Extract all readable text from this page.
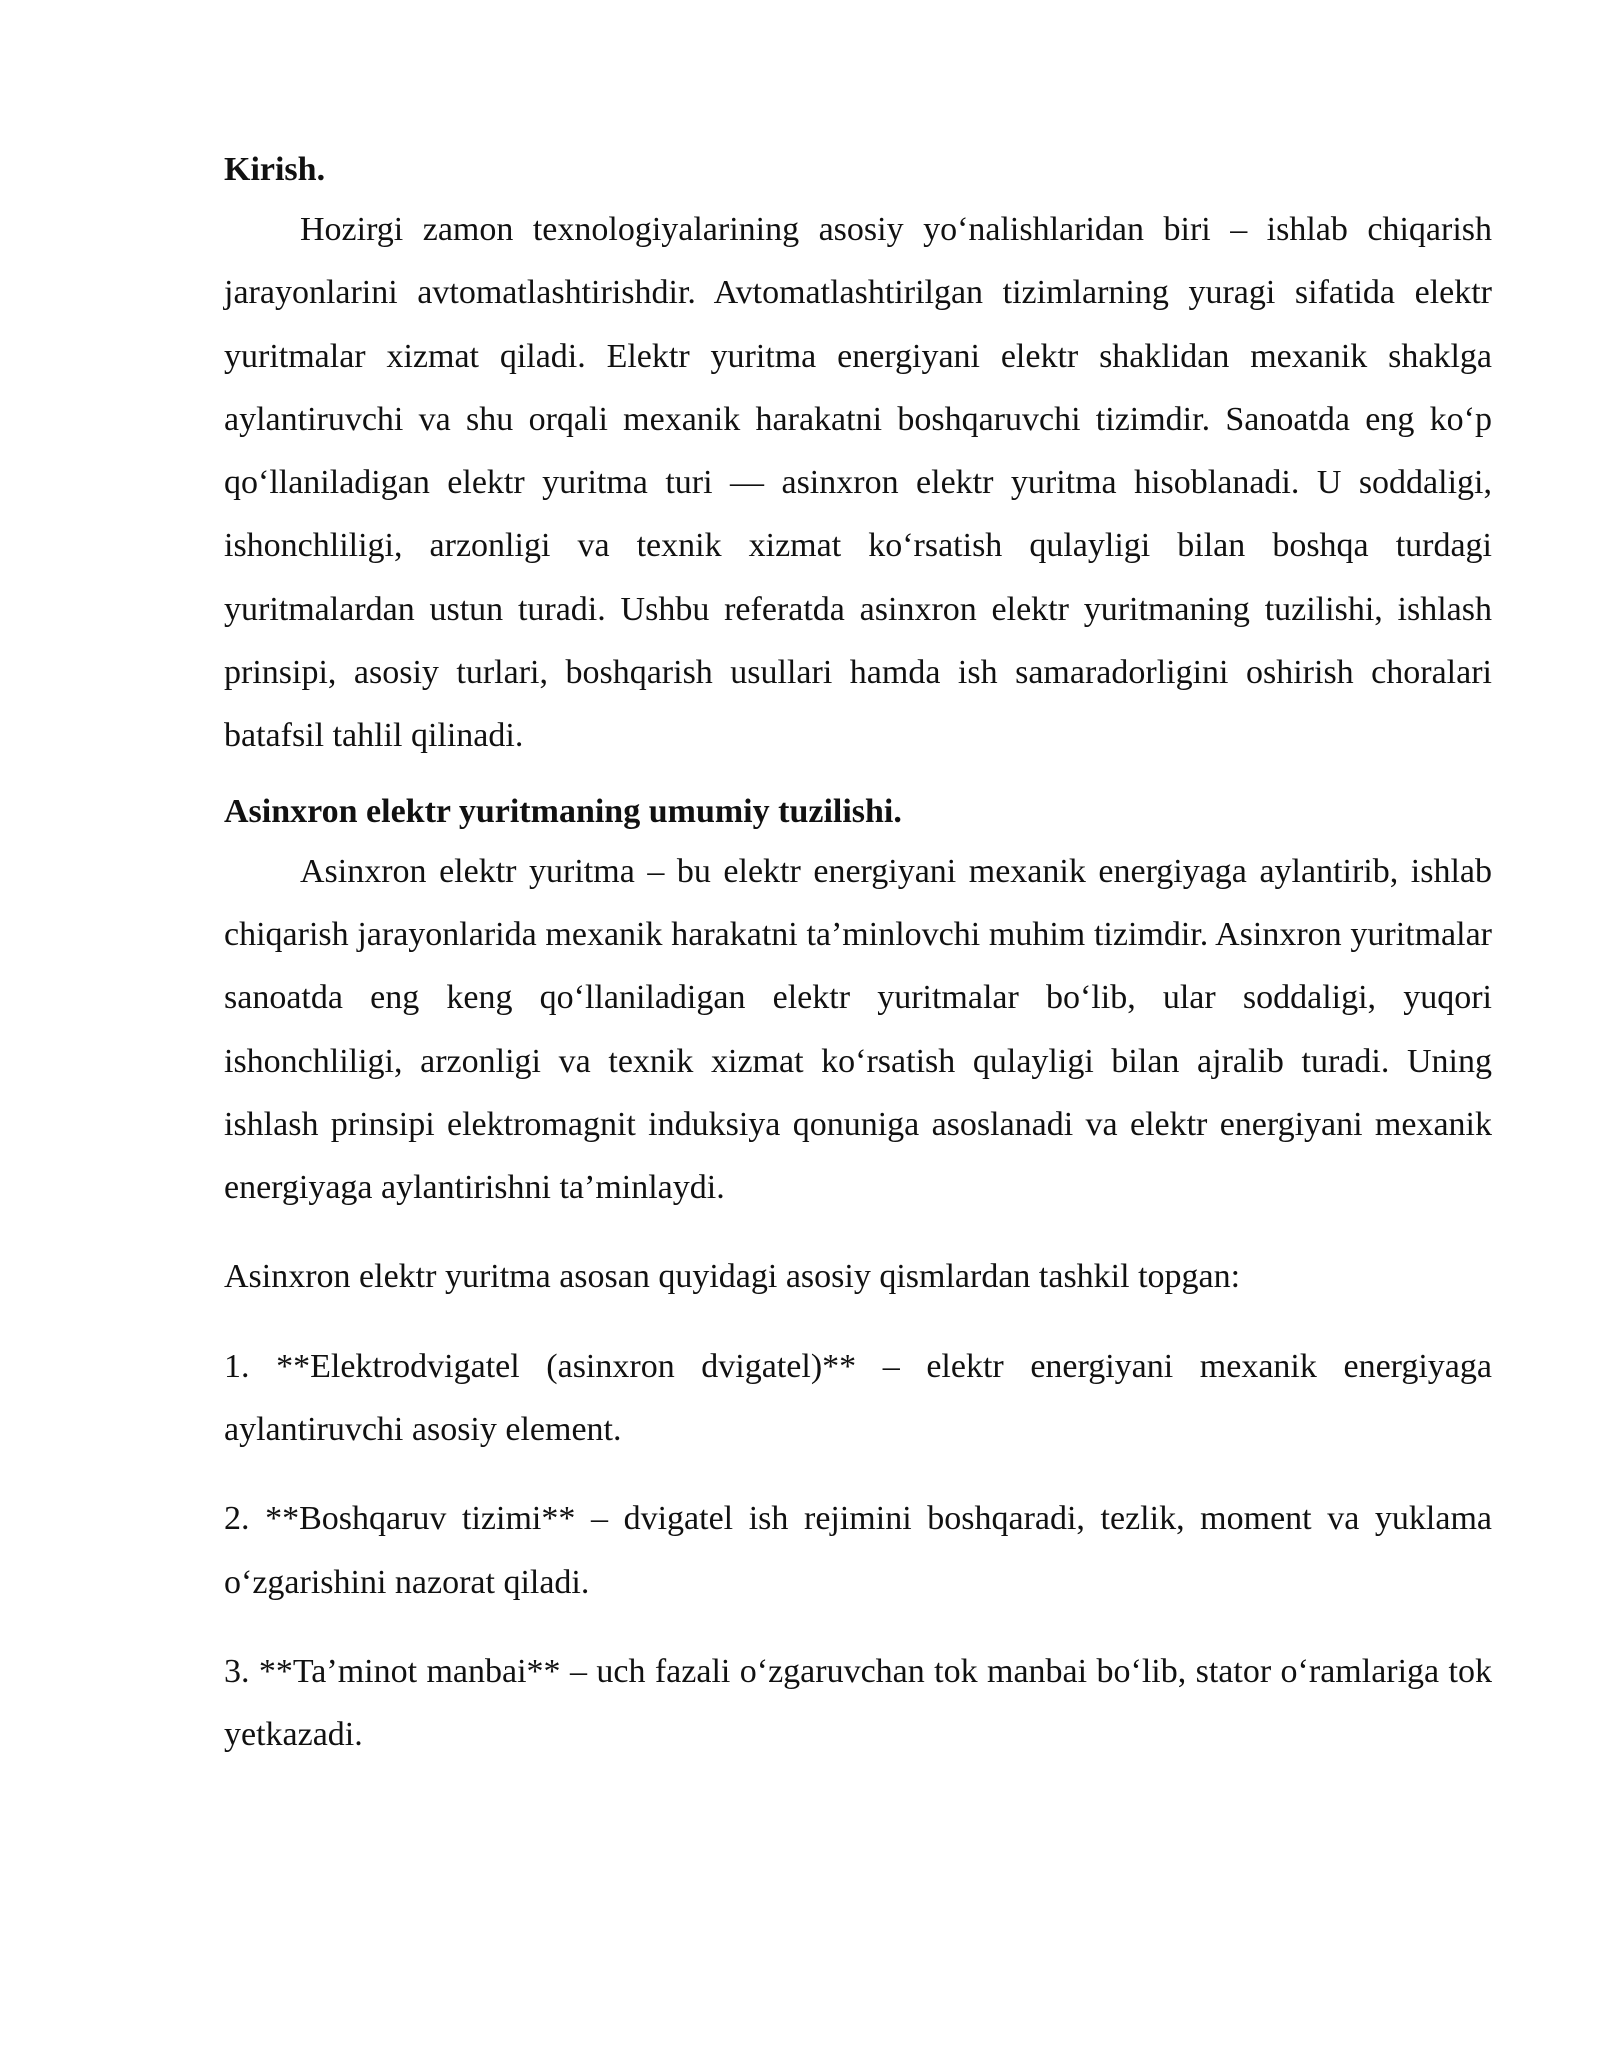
Kirish.

Hozirgi zamon texnologiyalarining asosiy yo‘nalishlaridan biri – ishlab chiqarish jarayonlarini avtomatlashtirishdir. Avtomatlashtirilgan tizimlarning yuragi sifatida elektr yuritmalar xizmat qiladi. Elektr yuritma energiyani elektr shaklidan mexanik shaklga aylantiruvchi va shu orqali mexanik harakatni boshqaruvchi tizimdir. Sanoatda eng ko‘p qo‘llaniladigan elektr yuritma turi — asinxron elektr yuritma hisoblanadi. U soddaligi, ishonchliligi, arzonligi va texnik xizmat ko‘rsatish qulayligi bilan boshqa turdagi yuritmalardan ustun turadi. Ushbu referatda asinxron elektr yuritmaning tuzilishi, ishlash prinsipi, asosiy turlari, boshqarish usullari hamda ish samaradorligini oshirish choralari batafsil tahlil qilinadi.

Asinxron elektr yuritmaning umumiy tuzilishi.

Asinxron elektr yuritma – bu elektr energiyani mexanik energiyaga aylantirib, ishlab chiqarish jarayonlarida mexanik harakatni ta’minlovchi muhim tizimdir. Asinxron yuritmalar sanoatda eng keng qo‘llaniladigan elektr yuritmalar bo‘lib, ular soddaligi, yuqori ishonchliligi, arzonligi va texnik xizmat ko‘rsatish qulayligi bilan ajralib turadi. Uning ishlash prinsipi elektromagnit induksiya qonuniga asoslanadi va elektr energiyani mexanik energiyaga aylantirishni ta’minlaydi.

Asinxron elektr yuritma asosan quyidagi asosiy qismlardan tashkil topgan:

1. **Elektrodvigatel (asinxron dvigatel)** – elektr energiyani mexanik energiyaga aylantiruvchi asosiy element.

2. **Boshqaruv tizimi** – dvigatel ish rejimini boshqaradi, tezlik, moment va yuklama o‘zgarishini nazorat qiladi.

3. **Ta’minot manbai** – uch fazali o‘zgaruvchan tok manbai bo‘lib, stator o‘ramlariga tok yetkazadi.
